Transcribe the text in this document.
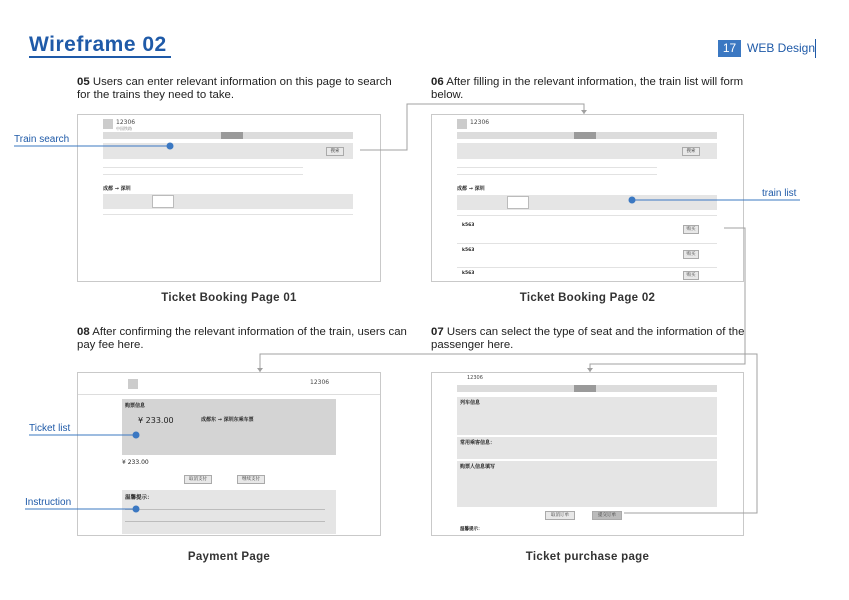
Wireframe 02	17 WEB Design
05 Users can enter relevant information on this page to search for the trains they need to take.
06 After filling in the relevant information, the train list will form below.
08 After confirming the relevant information of the train, users can pay fee here.
07 Users can select the type of seat and the information of the passenger here.
12306
中国铁路
搜索
成都 → 深圳
Ticket Booking Page 01
12306
搜索
成都 → 深圳
k563
购买
k563
购买
k563	购买
Ticket Booking Page 02
12306
购票信息
¥ 233.00	成都东 → 深圳东乘车票
¥ 233.00
取消支付	继续支付
温馨提示：
Payment Page
12306
列车信息
常用乘客信息：
购票人信息填写
取消订单	提交订单
温馨提示：
Ticket purchase page
Train search
train list
Ticket list
Instruction
